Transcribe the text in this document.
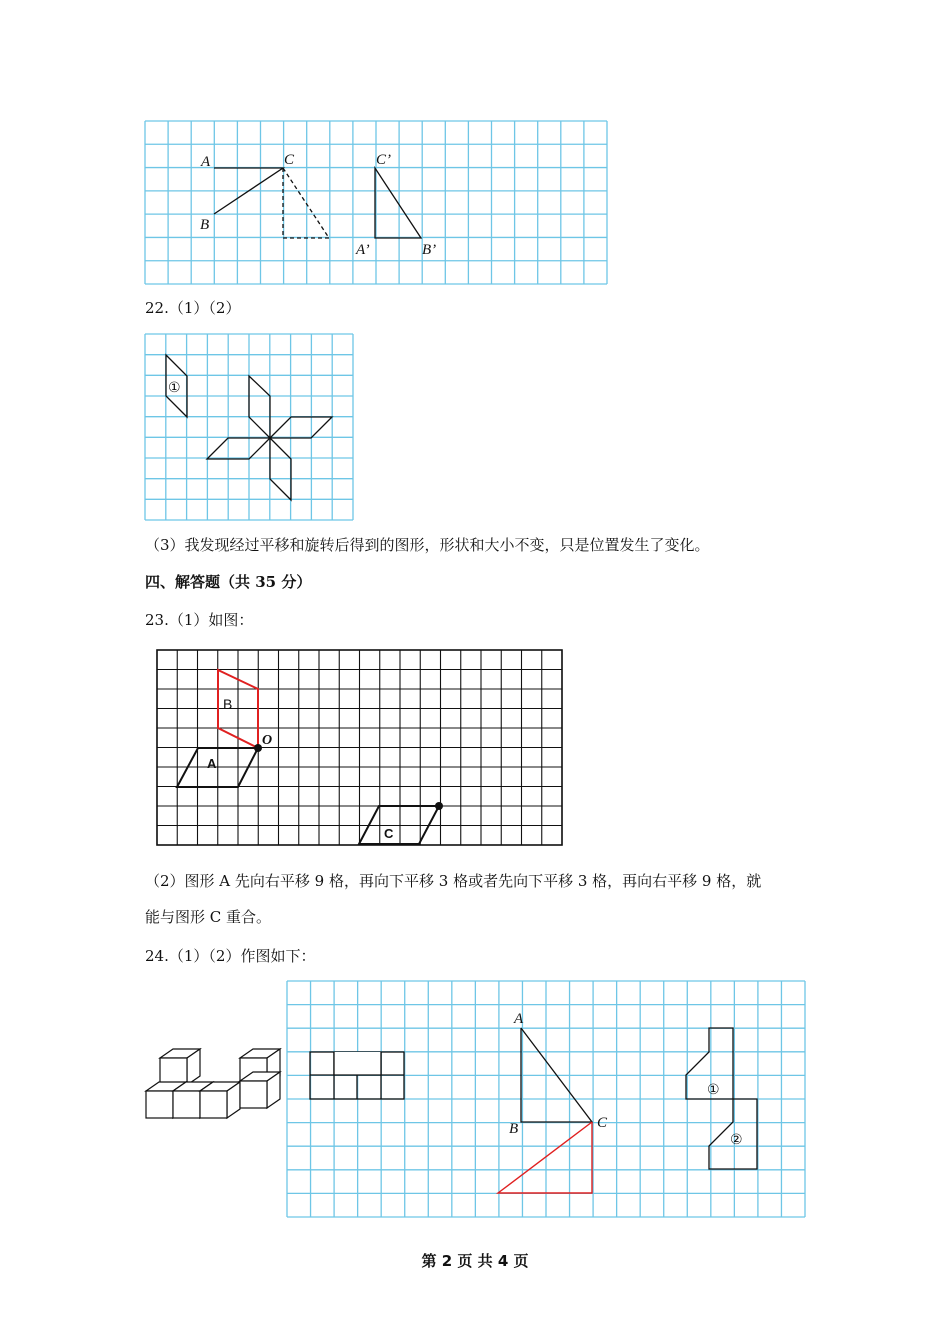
A
B
C	C’
A’	B’
22.（1）（2）
①
（3）我发现经过平移和旋转后得到的图形，形状和大小不变，只是位置发生了变化。
四、解答题（共 35 分）
23.（1）如图：
B
A
O
C
（2）图形 A 先向右平移 9 格，再向下平移 3 格或者先向下平移 3 格，再向右平移 9 格，就
能与图形 C 重合。
24.（1）（2）作图如下：
A
B	C
①
②
第 2 页 共 4 页
